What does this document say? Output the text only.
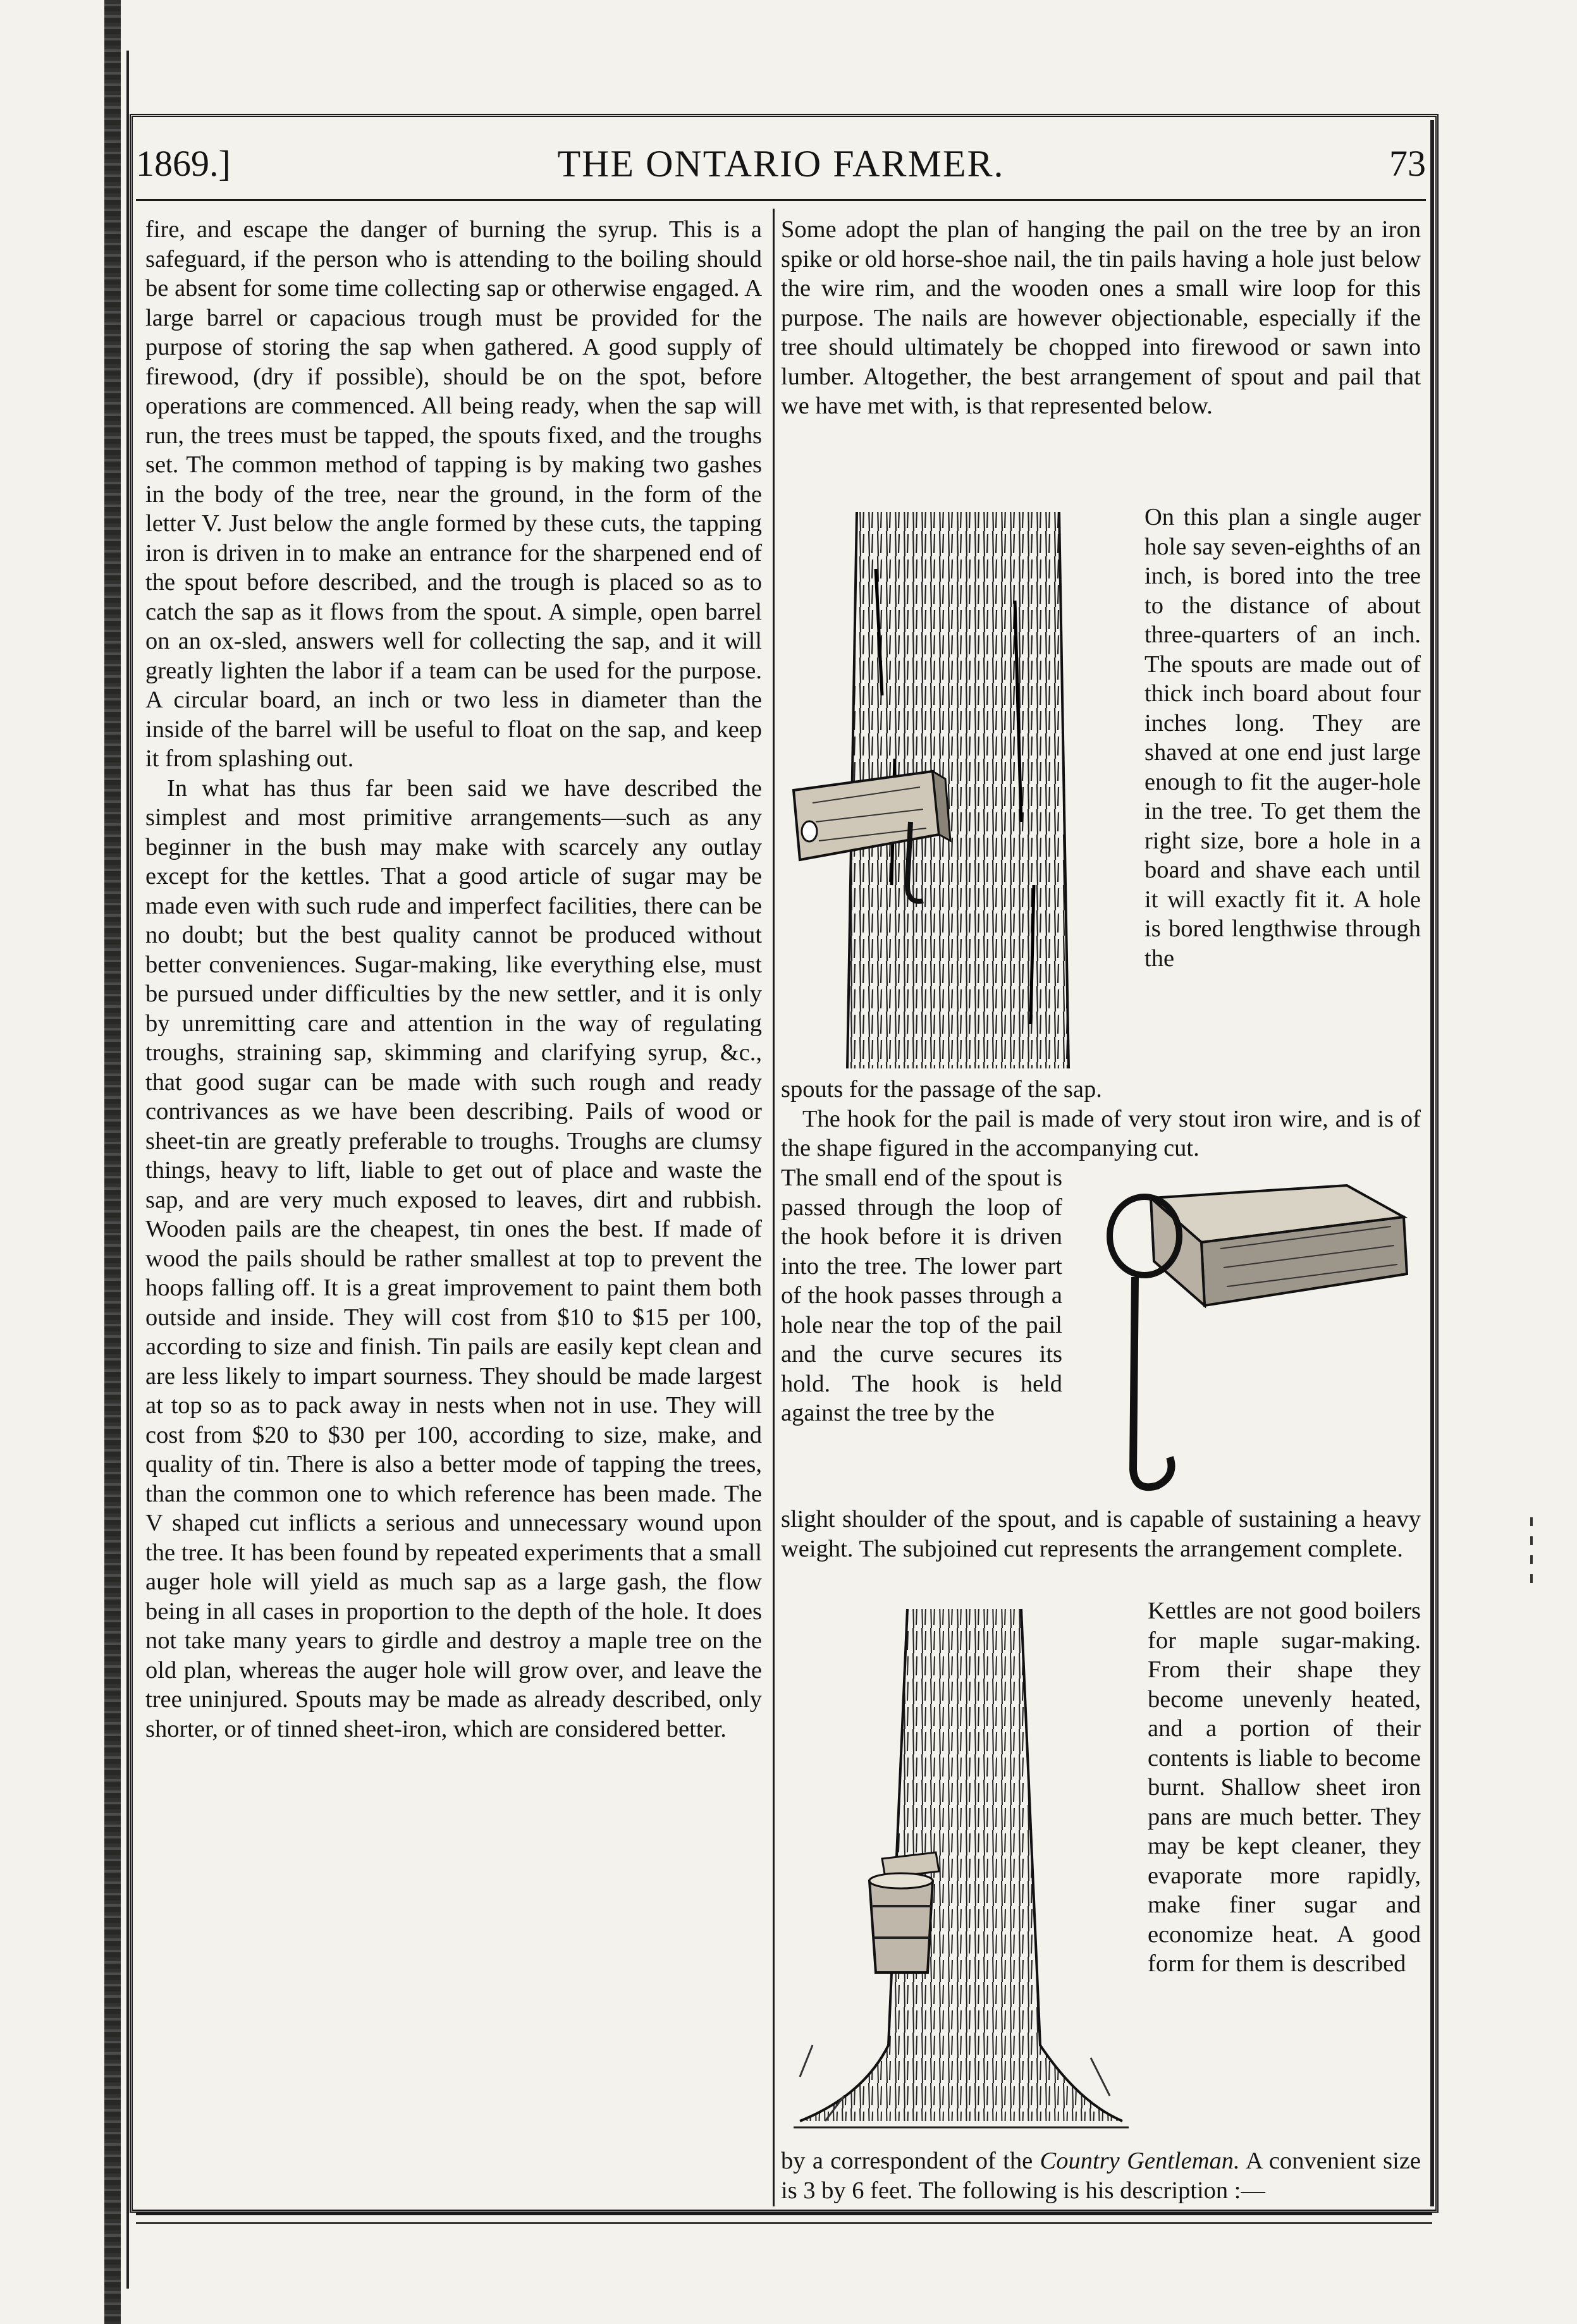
1869.]	THE ONTARIO FARMER.	73

fire, and escape the danger of burning the syrup. This is a safeguard, if the person who is attending to the boiling should be absent for some time collecting sap or otherwise engaged. A large barrel or capacious trough must be provided for the purpose of storing the sap when gathered. A good supply of firewood, (dry if possible), should be on the spot, before operations are commenced. All being ready, when the sap will run, the trees must be tapped, the spouts fixed, and the troughs set. The common method of tapping is by making two gashes in the body of the tree, near the ground, in the form of the letter V. Just below the angle formed by these cuts, the tapping iron is driven in to make an entrance for the sharpened end of the spout before described, and the trough is placed so as to catch the sap as it flows from the spout. A simple, open barrel on an ox-sled, answers well for collecting the sap, and it will greatly lighten the labor if a team can be used for the purpose. A circular board, an inch or two less in diameter than the inside of the barrel will be useful to float on the sap, and keep it from splashing out.

In what has thus far been said we have described the simplest and most primitive arrangements—such as any beginner in the bush may make with scarcely any outlay except for the kettles. That a good article of sugar may be made even with such rude and imperfect facilities, there can be no doubt; but the best quality cannot be produced without better conveniences. Sugar-making, like everything else, must be pursued under difficulties by the new settler, and it is only by unremitting care and attention in the way of regulating troughs, straining sap, skimming and clarifying syrup, &c., that good sugar can be made with such rough and ready contrivances as we have been describing. Pails of wood or sheet-tin are greatly preferable to troughs. Troughs are clumsy things, heavy to lift, liable to get out of place and waste the sap, and are very much exposed to leaves, dirt and rubbish. Wooden pails are the cheapest, tin ones the best. If made of wood the pails should be rather smallest at top to prevent the hoops falling off. It is a great improvement to paint them both outside and inside. They will cost from $10 to $15 per 100, according to size and finish. Tin pails are easily kept clean and are less likely to impart sourness. They should be made largest at top so as to pack away in nests when not in use. They will cost from $20 to $30 per 100, according to size, make, and quality of tin. There is also a better mode of tapping the trees, than the common one to which reference has been made. The V shaped cut inflicts a serious and unnecessary wound upon the tree. It has been found by repeated experiments that a small auger hole will yield as much sap as a large gash, the flow being in all cases in proportion to the depth of the hole. It does not take many years to girdle and destroy a maple tree on the old plan, whereas the auger hole will grow over, and leave the tree uninjured. Spouts may be made as already described, only shorter, or of tinned sheet-iron, which are considered better.

Some adopt the plan of hanging the pail on the tree by an iron spike or old horse-shoe nail, the tin pails having a hole just below the wire rim, and the wooden ones a small wire loop for this purpose. The nails are however objectionable, especially if the tree should ultimately be chopped into firewood or sawn into lumber. Altogether, the best arrangement of spout and pail that we have met with, is that represented below.

On this plan a single auger hole say seven-eighths of an inch, is bored into the tree to the distance of about three-quarters of an inch. The spouts are made out of thick inch board about four inches long. They are shaved at one end just large enough to fit the auger-hole in the tree. To get them the right size, bore a hole in a board and shave each until it will exactly fit it. A hole is bored lengthwise through the

spouts for the passage of the sap.

The hook for the pail is made of very stout iron wire, and is of the shape figured in the accompanying cut.

The small end of the spout is passed through the loop of the hook before it is driven into the tree. The lower part of the hook passes through a hole near the top of the pail and the curve secures its hold. The hook is held against the tree by the

slight shoulder of the spout, and is capable of sustaining a heavy weight. The subjoined cut represents the arrangement complete.

Kettles are not good boilers for maple sugar-making. From their shape they become unevenly heated, and a portion of their contents is liable to become burnt. Shallow sheet iron pans are much better. They may be kept cleaner, they evaporate more rapidly, make finer sugar and economize heat. A good form for them is described

by a correspondent of the Country Gentleman. A convenient size is 3 by 6 feet. The following is his description :—
